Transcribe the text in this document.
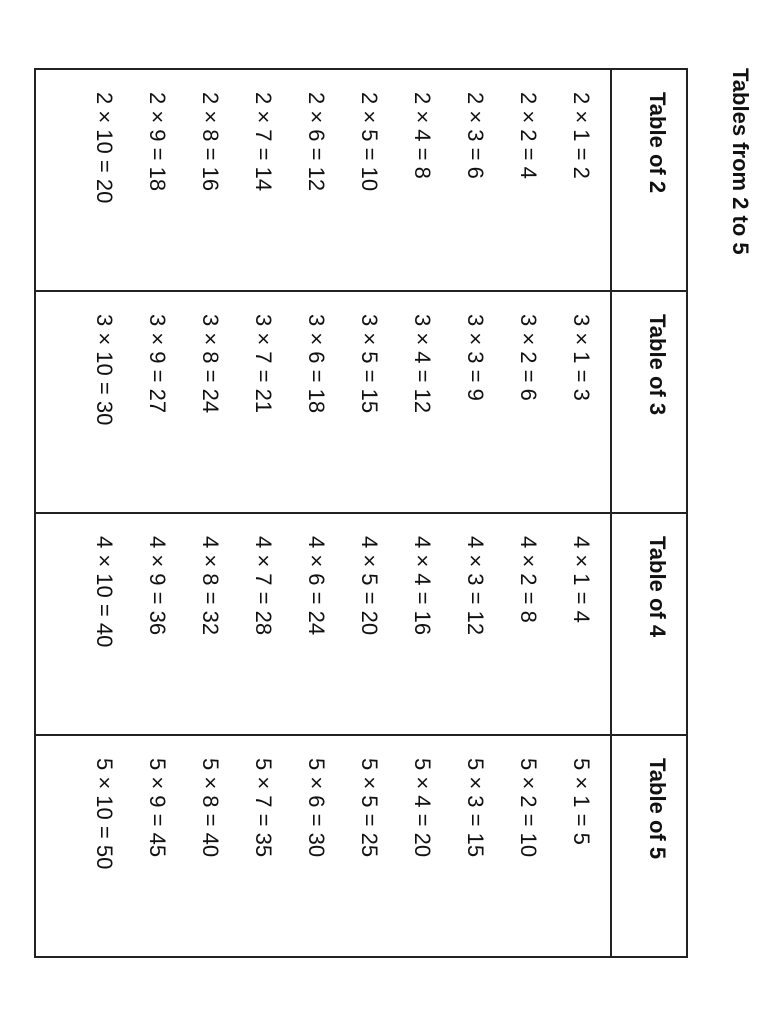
Tables from 2 to 5
Table of 2
2 × 1 = 2
2 × 2 = 4
2 × 3 = 6
2 × 4 = 8
2 × 5 = 10
2 × 6 = 12
2 × 7 = 14
2 × 8 = 16
2 × 9 = 18
2 × 10 = 20
Table of 3
3 × 1 = 3
3 × 2 = 6
3 × 3 = 9
3 × 4 = 12
3 × 5 = 15
3 × 6 = 18
3 × 7 = 21
3 × 8 = 24
3 × 9 = 27
3 × 10 = 30
Table of 4
4 × 1 = 4
4 × 2 = 8
4 × 3 = 12
4 × 4 = 16
4 × 5 = 20
4 × 6 = 24
4 × 7 = 28
4 × 8 = 32
4 × 9 = 36
4 × 10 = 40
Table of 5
5 × 1 = 5
5 × 2 = 10
5 × 3 = 15
5 × 4 = 20
5 × 5 = 25
5 × 6 = 30
5 × 7 = 35
5 × 8 = 40
5 × 9 = 45
5 × 10 = 50
